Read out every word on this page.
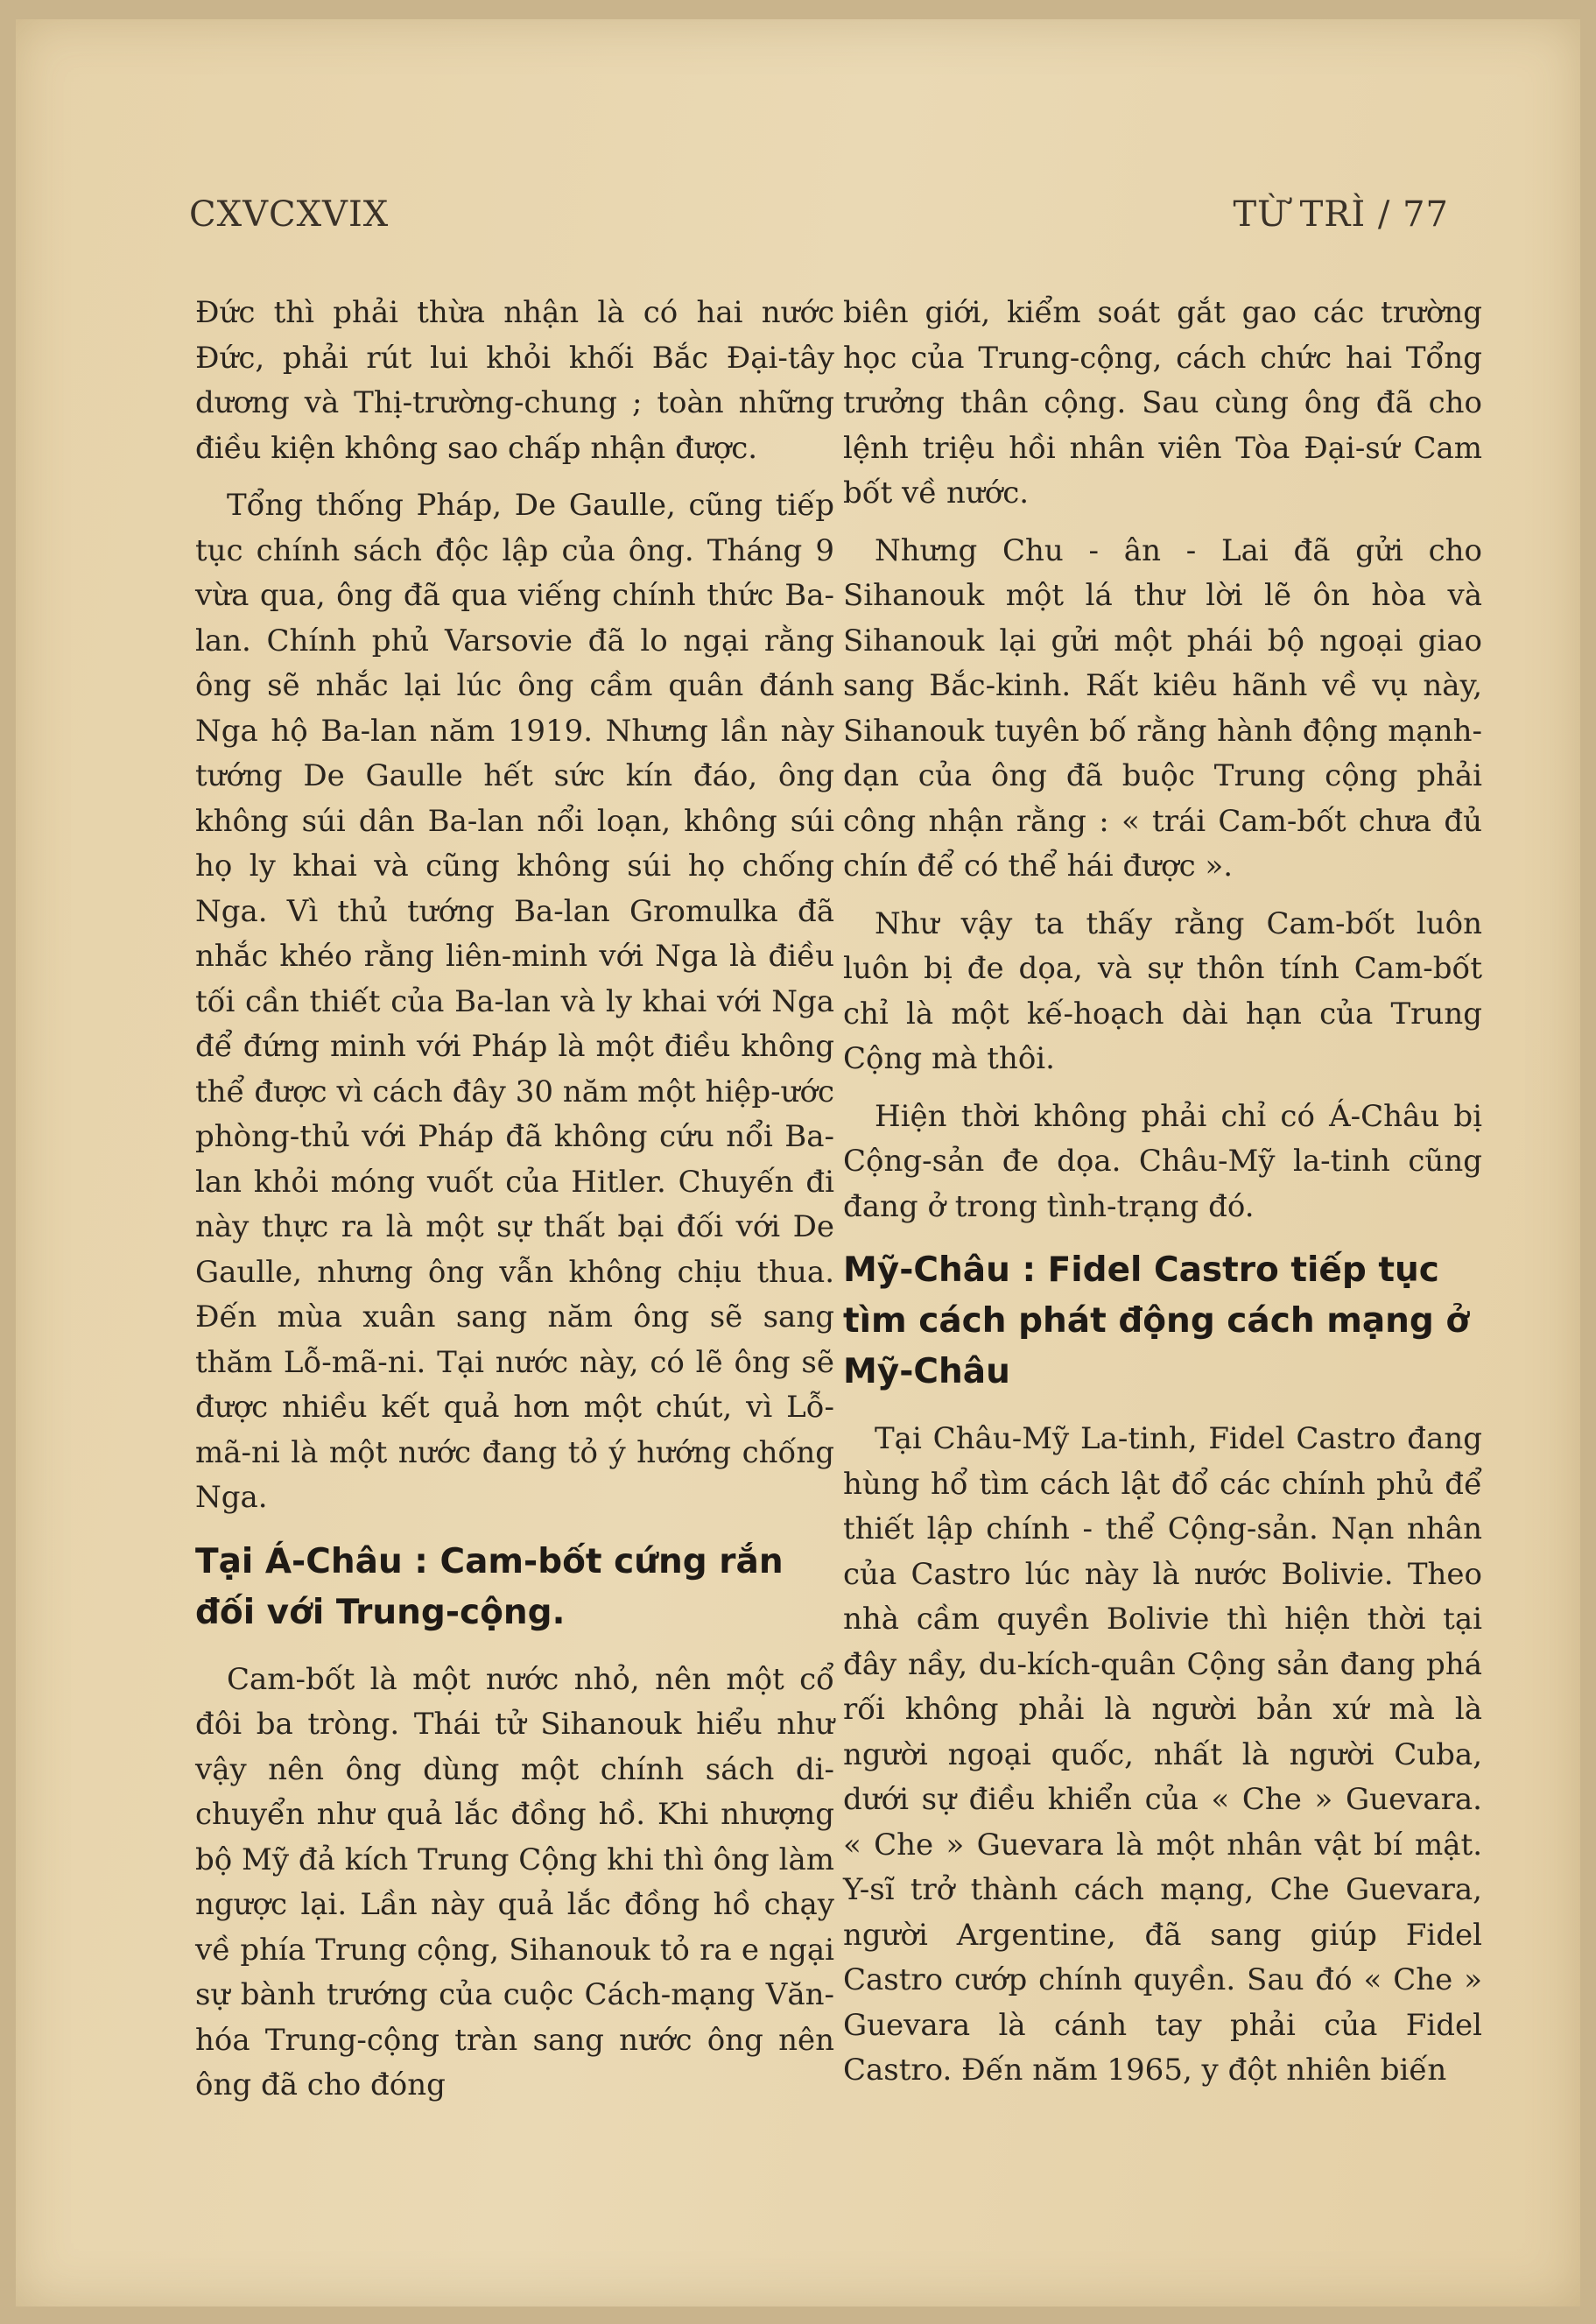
CXVCXVIX	TỪ TRÌ / 77

Đức thì phải thừa nhận là có hai nước Đức, phải rút lui khỏi khối Bắc Đại-tây dương và Thị-trường-chung ; toàn những điều kiện không sao chấp nhận được.

Tổng thống Pháp, De Gaulle, cũng tiếp tục chính sách độc lập của ông. Tháng 9 vừa qua, ông đã qua viếng chính thức Ba-lan. Chính phủ Varsovie đã lo ngại rằng ông sẽ nhắc lại lúc ông cầm quân đánh Nga hộ Ba-lan năm 1919. Nhưng lần này tướng De Gaulle hết sức kín đáo, ông không súi dân Ba-lan nổi loạn, không súi họ ly khai và cũng không súi họ chống Nga. Vì thủ tướng Ba-lan Gromulka đã nhắc khéo rằng liên-minh với Nga là điều tối cần thiết của Ba-lan và ly khai với Nga để đứng minh với Pháp là một điều không thể được vì cách đây 30 năm một hiệp-ước phòng-thủ với Pháp đã không cứu nổi Ba-lan khỏi móng vuốt của Hitler. Chuyến đi này thực ra là một sự thất bại đối với De Gaulle, nhưng ông vẫn không chịu thua. Đến mùa xuân sang năm ông sẽ sang thăm Lỗ-mã-ni. Tại nước này, có lẽ ông sẽ được nhiều kết quả hơn một chút, vì Lỗ-mã-ni là một nước đang tỏ ý hướng chống Nga.

Tại Á-Châu : Cam-bốt cứng rắn đối với Trung-cộng.

Cam-bốt là một nước nhỏ, nên một cổ đôi ba tròng. Thái tử Sihanouk hiểu như vậy nên ông dùng một chính sách di-chuyển như quả lắc đồng hồ. Khi nhượng bộ Mỹ đả kích Trung Cộng khi thì ông làm ngược lại. Lần này quả lắc đồng hồ chạy về phía Trung cộng, Sihanouk tỏ ra e ngại sự bành trướng của cuộc Cách-mạng Văn-hóa Trung-cộng tràn sang nước ông nên ông đã cho đóng

biên giới, kiểm soát gắt gao các trường học của Trung-cộng, cách chức hai Tổng trưởng thân cộng. Sau cùng ông đã cho lệnh triệu hồi nhân viên Tòa Đại-sứ Cam bốt về nước.

Nhưng Chu - ân - Lai đã gửi cho Sihanouk một lá thư lời lẽ ôn hòa và Sihanouk lại gửi một phái bộ ngoại giao sang Bắc-kinh. Rất kiêu hãnh về vụ này, Sihanouk tuyên bố rằng hành động mạnh-dạn của ông đã buộc Trung cộng phải công nhận rằng : « trái Cam-bốt chưa đủ chín để có thể hái được ».

Như vậy ta thấy rằng Cam-bốt luôn luôn bị đe dọa, và sự thôn tính Cam-bốt chỉ là một kế-hoạch dài hạn của Trung Cộng mà thôi.

Hiện thời không phải chỉ có Á-Châu bị Cộng-sản đe dọa. Châu-Mỹ la-tinh cũng đang ở trong tình-trạng đó.

Mỹ-Châu : Fidel Castro tiếp tục tìm cách phát động cách mạng ở
Mỹ-Châu

Tại Châu-Mỹ La-tinh, Fidel Castro đang hùng hổ tìm cách lật đổ các chính phủ để thiết lập chính - thể Cộng-sản. Nạn nhân của Castro lúc này là nước Bolivie. Theo nhà cầm quyền Bolivie thì hiện thời tại đây nầy, du-kích-quân Cộng sản đang phá rối không phải là người bản xứ mà là người ngoại quốc, nhất là người Cuba, dưới sự điều khiển của « Che » Guevara. « Che » Guevara là một nhân vật bí mật. Y-sĩ trở thành cách mạng, Che Guevara, người Argentine, đã sang giúp Fidel Castro cướp chính quyền. Sau đó « Che » Guevara là cánh tay phải của Fidel Castro. Đến năm 1965, y đột nhiên biến
